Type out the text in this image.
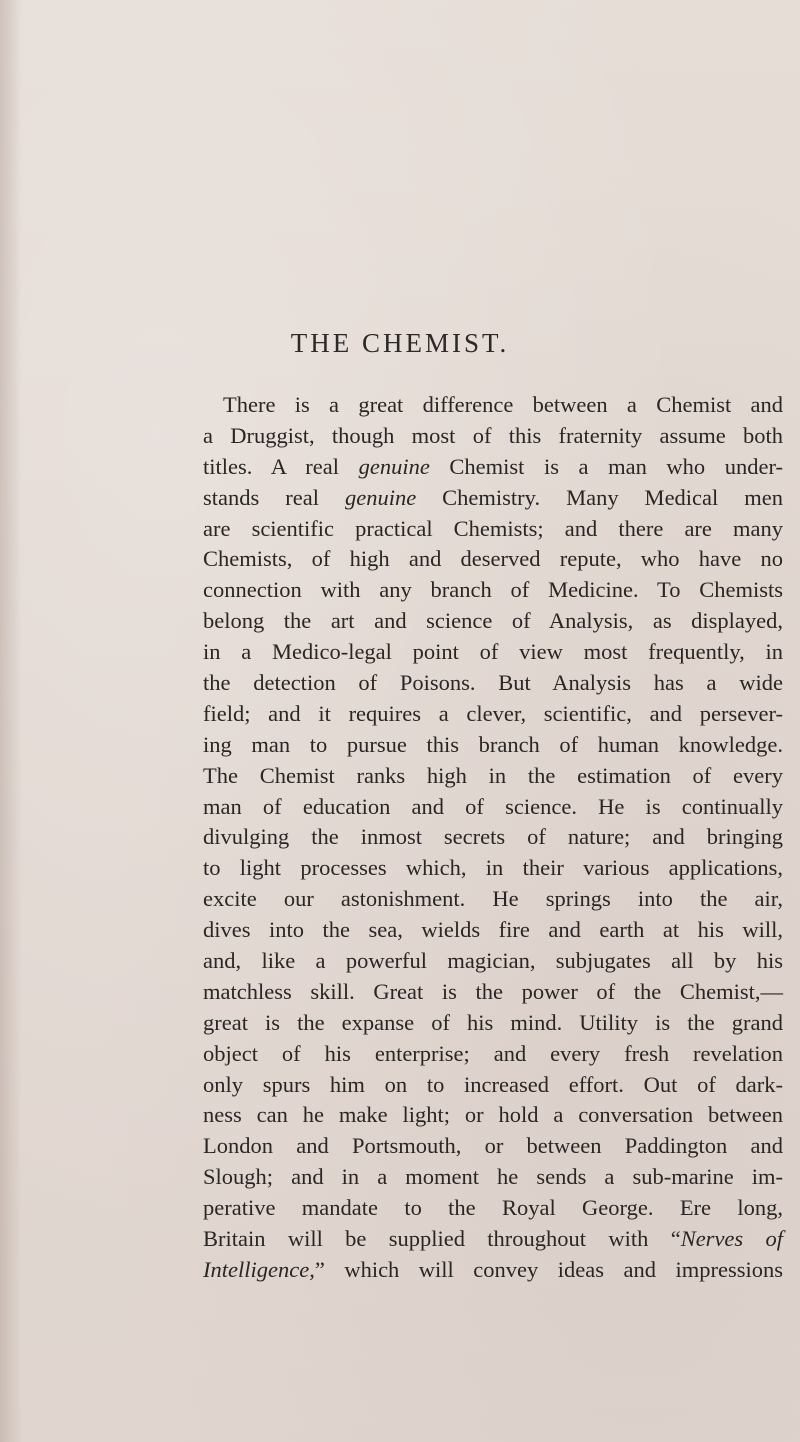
THE CHEMIST.
There is a great difference between a Chemist and
a Druggist, though most of this fraternity assume both
titles. A real genuine Chemist is a man who under-
stands real genuine Chemistry. Many Medical men
are scientific practical Chemists; and there are many
Chemists, of high and deserved repute, who have no
connection with any branch of Medicine. To Chemists
belong the art and science of Analysis, as displayed,
in a Medico-legal point of view most frequently, in
the detection of Poisons. But Analysis has a wide
field; and it requires a clever, scientific, and persever-
ing man to pursue this branch of human knowledge.
The Chemist ranks high in the estimation of every
man of education and of science. He is continually
divulging the inmost secrets of nature; and bringing
to light processes which, in their various applications,
excite our astonishment. He springs into the air,
dives into the sea, wields fire and earth at his will,
and, like a powerful magician, subjugates all by his
matchless skill. Great is the power of the Chemist,—
great is the expanse of his mind. Utility is the grand
object of his enterprise; and every fresh revelation
only spurs him on to increased effort. Out of dark-
ness can he make light; or hold a conversation between
London and Portsmouth, or between Paddington and
Slough; and in a moment he sends a sub-marine im-
perative mandate to the Royal George. Ere long,
Britain will be supplied throughout with “Nerves of
Intelligence,” which will convey ideas and impressions
